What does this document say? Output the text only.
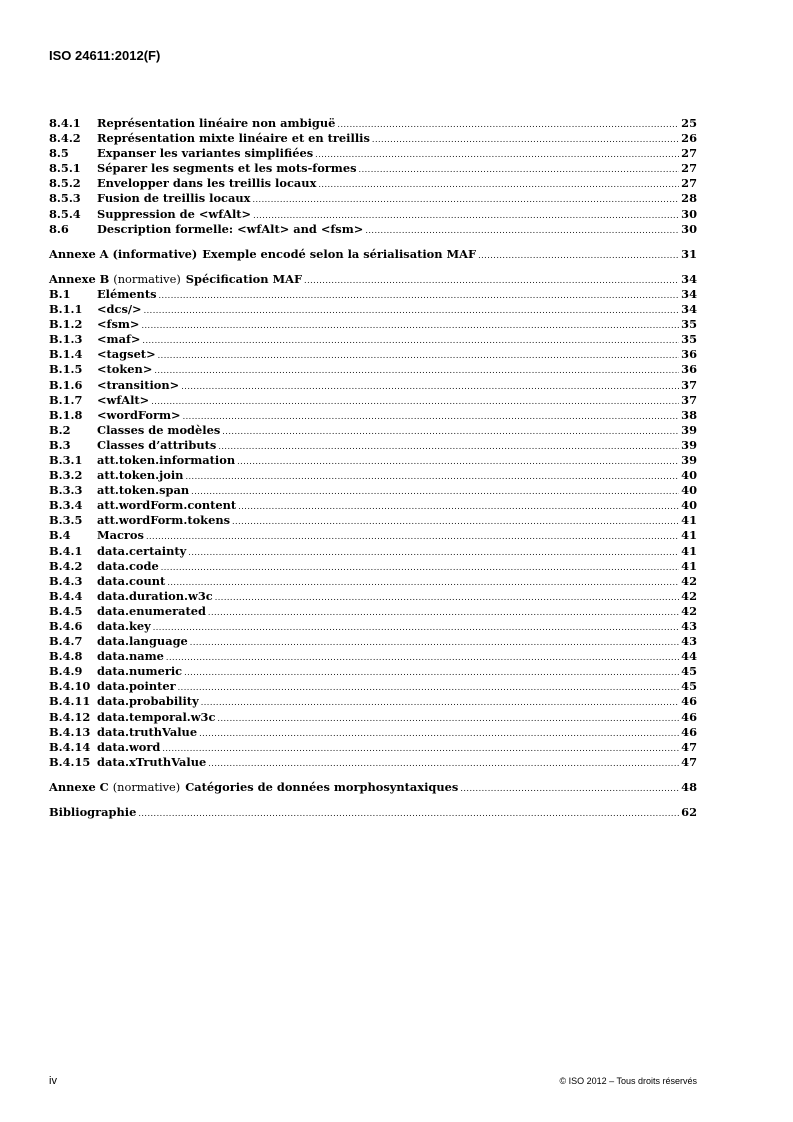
ISO 24611:2012(F)
8.4.1	Représentation linéaire non ambiguë .....	25
8.4.2	Représentation mixte linéaire et en treillis .....	26
8.5	Expanser les variantes simplifiées .....	27
8.5.1	Séparer les segments et les mots-formes .....	27
8.5.2	Envelopper dans les treillis locaux .....	27
8.5.3	Fusion de treillis locaux .....	28
8.5.4	Suppression de <wfAlt> .....	30
8.6	Description formelle: <wfAlt> and <fsm> .....	30
Annexe A (informative) Exemple encodé selon la sérialisation MAF .....	31
Annexe B (normative) Spécification MAF .....	34
B.1	Eléments .....	34
B.1.1	<dcs/> .....	34
B.1.2	<fsm> .....	35
B.1.3	<maf> .....	35
B.1.4	<tagset> .....	36
B.1.5	<token> .....	36
B.1.6	<transition> .....	37
B.1.7	<wfAlt> .....	37
B.1.8	<wordForm> .....	38
B.2	Classes de modèles .....	39
B.3	Classes d’attributs .....	39
B.3.1	att.token.information .....	39
B.3.2	att.token.join .....	40
B.3.3	att.token.span .....	40
B.3.4	att.wordForm.content .....	40
B.3.5	att.wordForm.tokens .....	41
B.4	Macros .....	41
B.4.1	data.certainty .....	41
B.4.2	data.code .....	41
B.4.3	data.count .....	42
B.4.4	data.duration.w3c .....	42
B.4.5	data.enumerated .....	42
B.4.6	data.key .....	43
B.4.7	data.language .....	43
B.4.8	data.name .....	44
B.4.9	data.numeric .....	45
B.4.10 data.pointer .....	45
B.4.11 data.probability .....	46
B.4.12 data.temporal.w3c .....	46
B.4.13 data.truthValue .....	46
B.4.14 data.word .....	47
B.4.15 data.xTruthValue .....	47
Annexe C (normative) Catégories de données morphosyntaxiques .....	48
Bibliographie .....	62
iv	© ISO 2012 – Tous droits réservés
